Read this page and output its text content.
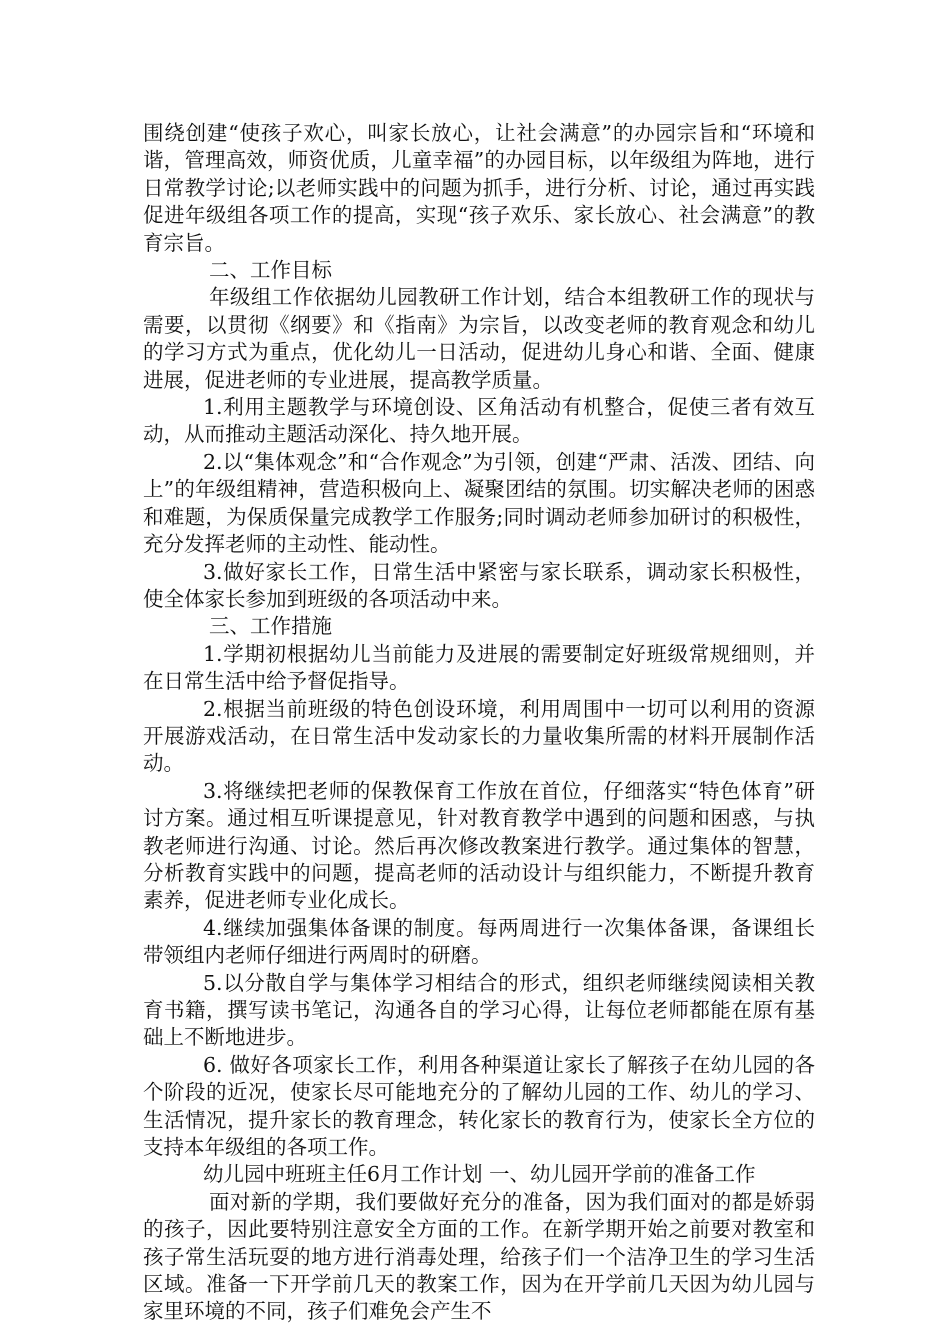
围绕创建“使孩子欢心，叫家长放心，让社会满意”的办园宗旨和“环境和谐，管理高效，师资优质，儿童幸福”的办园目标，以年级组为阵地，进行日常教学讨论;以老师实践中的问题为抓手，进行分析、讨论，通过再实践促进年级组各项工作的提高，实现“孩子欢乐、家长放心、社会满意”的教育宗旨。

二、工作目标

年级组工作依据幼儿园教研工作计划，结合本组教研工作的现状与需要，以贯彻《纲要》和《指南》为宗旨，以改变老师的教育观念和幼儿的学习方式为重点，优化幼儿一日活动，促进幼儿身心和谐、全面、健康进展，促进老师的专业进展，提高教学质量。

1.利用主题教学与环境创设、区角活动有机整合，促使三者有效互动，从而推动主题活动深化、持久地开展。

2.以“集体观念”和“合作观念”为引领，创建“严肃、活泼、团结、向上”的年级组精神，营造积极向上、凝聚团结的氛围。切实解决老师的困惑和难题，为保质保量完成教学工作服务;同时调动老师参加研讨的积极性，充分发挥老师的主动性、能动性。

3.做好家长工作，日常生活中紧密与家长联系，调动家长积极性，使全体家长参加到班级的各项活动中来。

三、工作措施

1.学期初根据幼儿当前能力及进展的需要制定好班级常规细则，并在日常生活中给予督促指导。

2.根据当前班级的特色创设环境，利用周围中一切可以利用的资源开展游戏活动，在日常生活中发动家长的力量收集所需的材料开展制作活动。

3.将继续把老师的保教保育工作放在首位，仔细落实“特色体育”研讨方案。通过相互听课提意见，针对教育教学中遇到的问题和困惑，与执教老师进行沟通、讨论。然后再次修改教案进行教学。通过集体的智慧，分析教育实践中的问题，提高老师的活动设计与组织能力，不断提升教育素养，促进老师专业化成长。

4.继续加强集体备课的制度。每两周进行一次集体备课，备课组长带领组内老师仔细进行两周时的研磨。

5.以分散自学与集体学习相结合的形式，组织老师继续阅读相关教育书籍，撰写读书笔记，沟通各自的学习心得，让每位老师都能在原有基础上不断地进步。

6. 做好各项家长工作，利用各种渠道让家长了解孩子在幼儿园的各个阶段的近况，使家长尽可能地充分的了解幼儿园的工作、幼儿的学习、生活情况，提升家长的教育理念，转化家长的教育行为，使家长全方位的支持本年级组的各项工作。

幼儿园中班班主任6月工作计划 一、幼儿园开学前的准备工作

面对新的学期，我们要做好充分的准备，因为我们面对的都是娇弱的孩子，因此要特别注意安全方面的工作。在新学期开始之前要对教室和孩子常生活玩耍的地方进行消毒处理，给孩子们一个洁净卫生的学习生活区域。准备一下开学前几天的教案工作，因为在开学前几天因为幼儿园与家里环境的不同，孩子们难免会产生不
